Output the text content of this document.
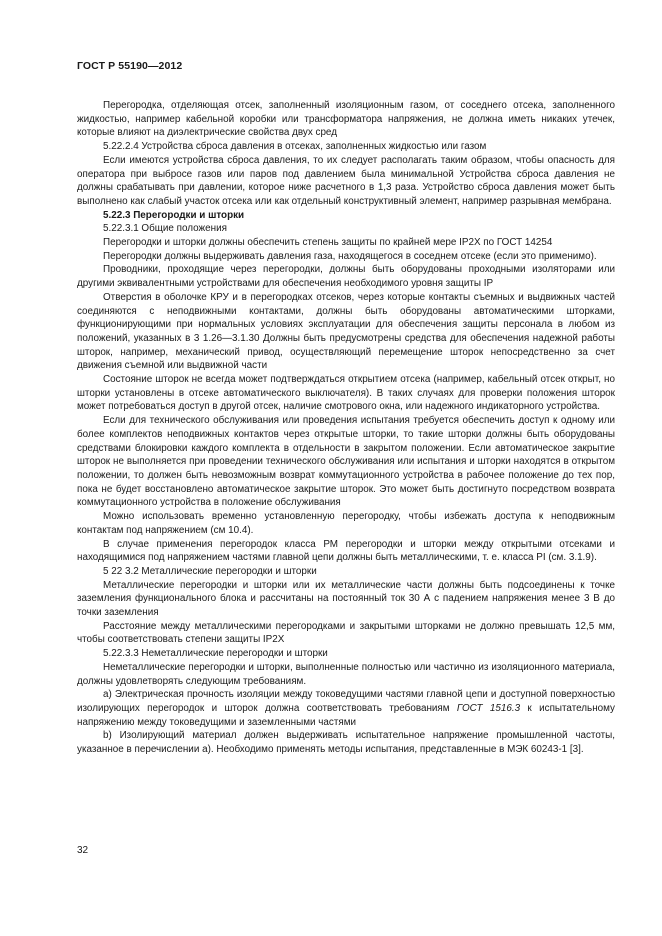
ГОСТ Р 55190—2012

Перегородка, отделяющая отсек, заполненный изоляционным газом, от соседнего отсека, заполненного жидкостью, например кабельной коробки или трансформатора напряжения, не должна иметь никаких утечек, которые влияют на диэлектрические свойства двух сред

5.22.2.4 Устройства сброса давления в отсеках, заполненных жидкостью или газом

Если имеются устройства сброса давления, то их следует располагать таким образом, чтобы опасность для оператора при выбросе газов или паров под давлением была минимальной Устройства сброса давления не должны срабатывать при давлении, которое ниже расчетного в 1,3 раза. Устройство сброса давления может быть выполнено как слабый участок отсека или как отдельный конструктивный элемент, например разрывная мембрана.

5.22.3 Перегородки и шторки

5.22.3.1 Общие положения

Перегородки и шторки должны обеспечить степень защиты по крайней мере IP2X по ГОСТ 14254

Перегородки должны выдерживать давления газа, находящегося в соседнем отсеке (если это применимо).

Проводники, проходящие через перегородки, должны быть оборудованы проходными изоляторами или другими эквивалентными устройствами для обеспечения необходимого уровня защиты IP

Отверстия в оболочке КРУ и в перегородках отсеков, через которые контакты съемных и выдвижных частей соединяются с неподвижными контактами, должны быть оборудованы автоматическими шторками, функционирующими при нормальных условиях эксплуатации для обеспечения защиты персонала в любом из положений, указанных в 3 1.26—3.1.30 Должны быть предусмотрены средства для обеспечения надежной работы шторок, например, механический привод, осуществляющий перемещение шторок непосредственно за счет движения съемной или выдвижной части

Состояние шторок не всегда может подтверждаться открытием отсека (например, кабельный отсек открыт, но шторки установлены в отсеке автоматического выключателя). В таких случаях для проверки положения шторок может потребоваться доступ в другой отсек, наличие смотрового окна, или надежного индикаторного устройства.

Если для технического обслуживания или проведения испытания требуется обеспечить доступ к одному или более комплектов неподвижных контактов через открытые шторки, то такие шторки должны быть оборудованы средствами блокировки каждого комплекта в отдельности в закрытом положении. Если автоматическое закрытие шторок не выполняется при проведении технического обслуживания или испытания и шторки находятся в открытом положении, то должен быть невозможным возврат коммутационного устройства в рабочее положение до тех пор, пока не будет восстановлено автоматическое закрытие шторок. Это может быть достигнуто посредством возврата коммутационного устройства в положение обслуживания

Можно использовать временно установленную перегородку, чтобы избежать доступа к неподвижным контактам под напряжением (см 10.4).

В случае применения перегородок класса РМ перегородки и шторки между открытыми отсеками и находящимися под напряжением частями главной цепи должны быть металлическими, т. е. класса PI (см. 3.1.9).

5 22 3.2 Металлические перегородки и шторки

Металлические перегородки и шторки или их металлические части должны быть подсоединены к точке заземления функционального блока и рассчитаны на постоянный ток 30 А с падением напряжения менее 3 В до точки заземления

Расстояние между металлическими перегородками и закрытыми шторками не должно превышать 12,5 мм, чтобы соответствовать степени защиты IP2X

5.22.3.3 Неметаллические перегородки и шторки

Неметаллические перегородки и шторки, выполненные полностью или частично из изоляционного материала, должны удовлетворять следующим требованиям.

a) Электрическая прочность изоляции между токоведущими частями главной цепи и доступной поверхностью изолирующих перегородок и шторок должна соответствовать требованиям ГОСТ 1516.3 к испытательному напряжению между токоведущими и заземленными частями

b) Изолирующий материал должен выдерживать испытательное напряжение промышленной частоты, указанное в перечислении а). Необходимо применять методы испытания, представленные в МЭК 60243-1 [3].

32
